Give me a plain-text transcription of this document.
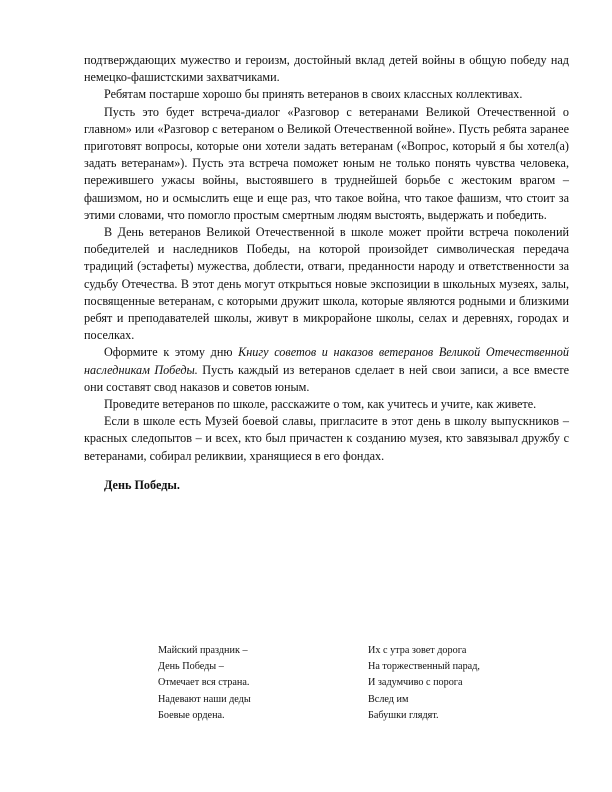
подтверждающих мужество и героизм, достойный вклад детей войны в общую победу над немецко-фашистскими захватчиками.

Ребятам постарше хорошо бы принять ветеранов в своих классных коллективах.

Пусть это будет встреча-диалог «Разговор с ветеранами Великой Отечественной о главном» или «Разговор с ветераном о Великой Отечественной войне». Пусть ребята заранее приготовят вопросы, которые они хотели задать ветеранам («Вопрос, который я бы хотел(а) задать ветеранам»). Пусть эта встреча поможет юным не только понять чувства человека, пережившего ужасы войны, выстоявшего в труднейшей борьбе с жестоким врагом – фашизмом, но и осмыслить еще и еще раз, что такое война, что такое фашизм, что стоит за этими словами, что помогло простым смертным людям выстоять, выдержать и победить.

В День ветеранов Великой Отечественной в школе может пройти встреча поколений победителей и наследников Победы, на которой произойдет символическая передача традиций (эстафеты) мужества, доблести, отваги, преданности народу и ответственности за судьбу Отечества. В этот день могут открыться новые экспозиции в школьных музеях, залы, посвященные ветеранам, с которыми дружит школа, которые являются родными и близкими ребят и преподавателей школы, живут в микрорайоне школы, селах и деревнях, городах и поселках.

Оформите к этому дню Книгу советов и наказов ветеранов Великой Отечественной наследникам Победы. Пусть каждый из ветеранов сделает в ней свои записи, а все вместе они составят свод наказов и советов юным.

Проведите ветеранов по школе, расскажите о том, как учитесь и учите, как живете.

Если в школе есть Музей боевой славы, пригласите в этот день в школу выпускников – красных следопытов – и всех, кто был причастен к созданию музея, кто завязывал дружбу с ветеранами, собирал реликвии, хранящиеся в его фондах.

День Победы.
Майский праздник –
День Победы –
Отмечает вся страна.
Надевают наши деды
Боевые ордена.
Их с утра зовет дорога
На торжественный парад,
И задумчиво с порога
Вслед им
Бабушки глядят.
